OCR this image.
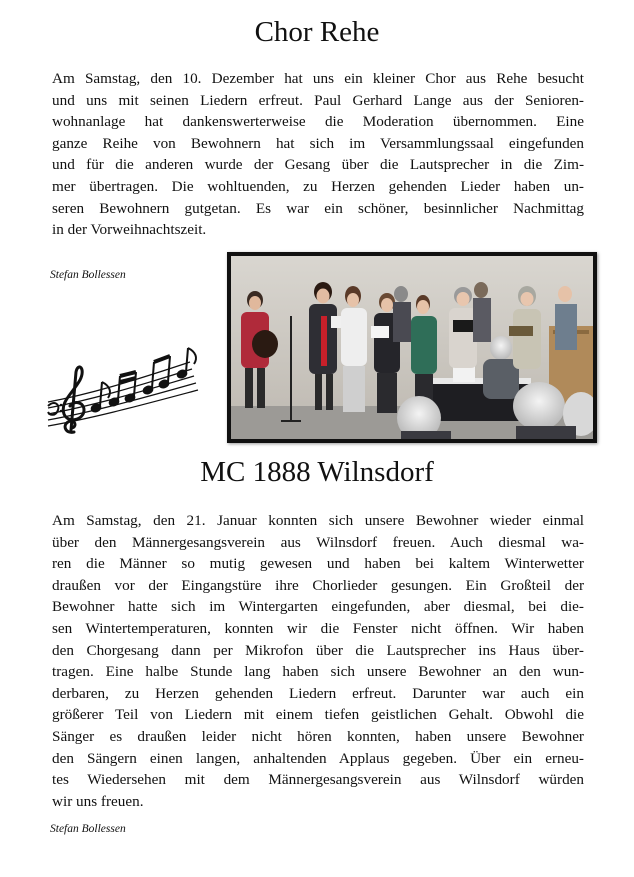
Chor Rehe

Am Samstag, den 10. Dezember hat uns ein kleiner Chor aus Rehe besucht
und uns mit seinen Liedern erfreut. Paul Gerhard Lange aus der Senioren-
wohnanlage hat dankenswerterweise die Moderation übernommen. Eine
ganze Reihe von Bewohnern hat sich im Versammlungssaal eingefunden
und für die anderen wurde der Gesang über die Lautsprecher in die Zim-
mer übertragen. Die wohltuenden, zu Herzen gehenden Lieder haben un-
seren Bewohnern gutgetan. Es war ein schöner, besinnlicher Nachmittag
in der Vorweihnachtszeit.

Stefan Bollessen
MC 1888 Wilnsdorf

Am Samstag, den 21. Januar konnten sich unsere Bewohner wieder einmal
über den Männergesangsverein aus Wilnsdorf freuen. Auch diesmal wa-
ren die Männer so mutig gewesen und haben bei kaltem Winterwetter
draußen vor der Eingangstüre ihre Chorlieder gesungen. Ein Großteil der
Bewohner hatte sich im Wintergarten eingefunden, aber diesmal, bei die-
sen Wintertemperaturen, konnten wir die Fenster nicht öffnen. Wir haben
den Chorgesang dann per Mikrofon über die Lautsprecher ins Haus über-
tragen. Eine halbe Stunde lang haben sich unsere Bewohner an den wun-
derbaren, zu Herzen gehenden Liedern erfreut. Darunter war auch ein
größerer Teil von Liedern mit einem tiefen geistlichen Gehalt. Obwohl die
Sänger es draußen leider nicht hören konnten, haben unsere Bewohner
den Sängern einen langen, anhaltenden Applaus gegeben. Über ein erneu-
tes Wiedersehen mit dem Männergesangsverein aus Wilnsdorf würden
wir uns freuen.

Stefan Bollessen
